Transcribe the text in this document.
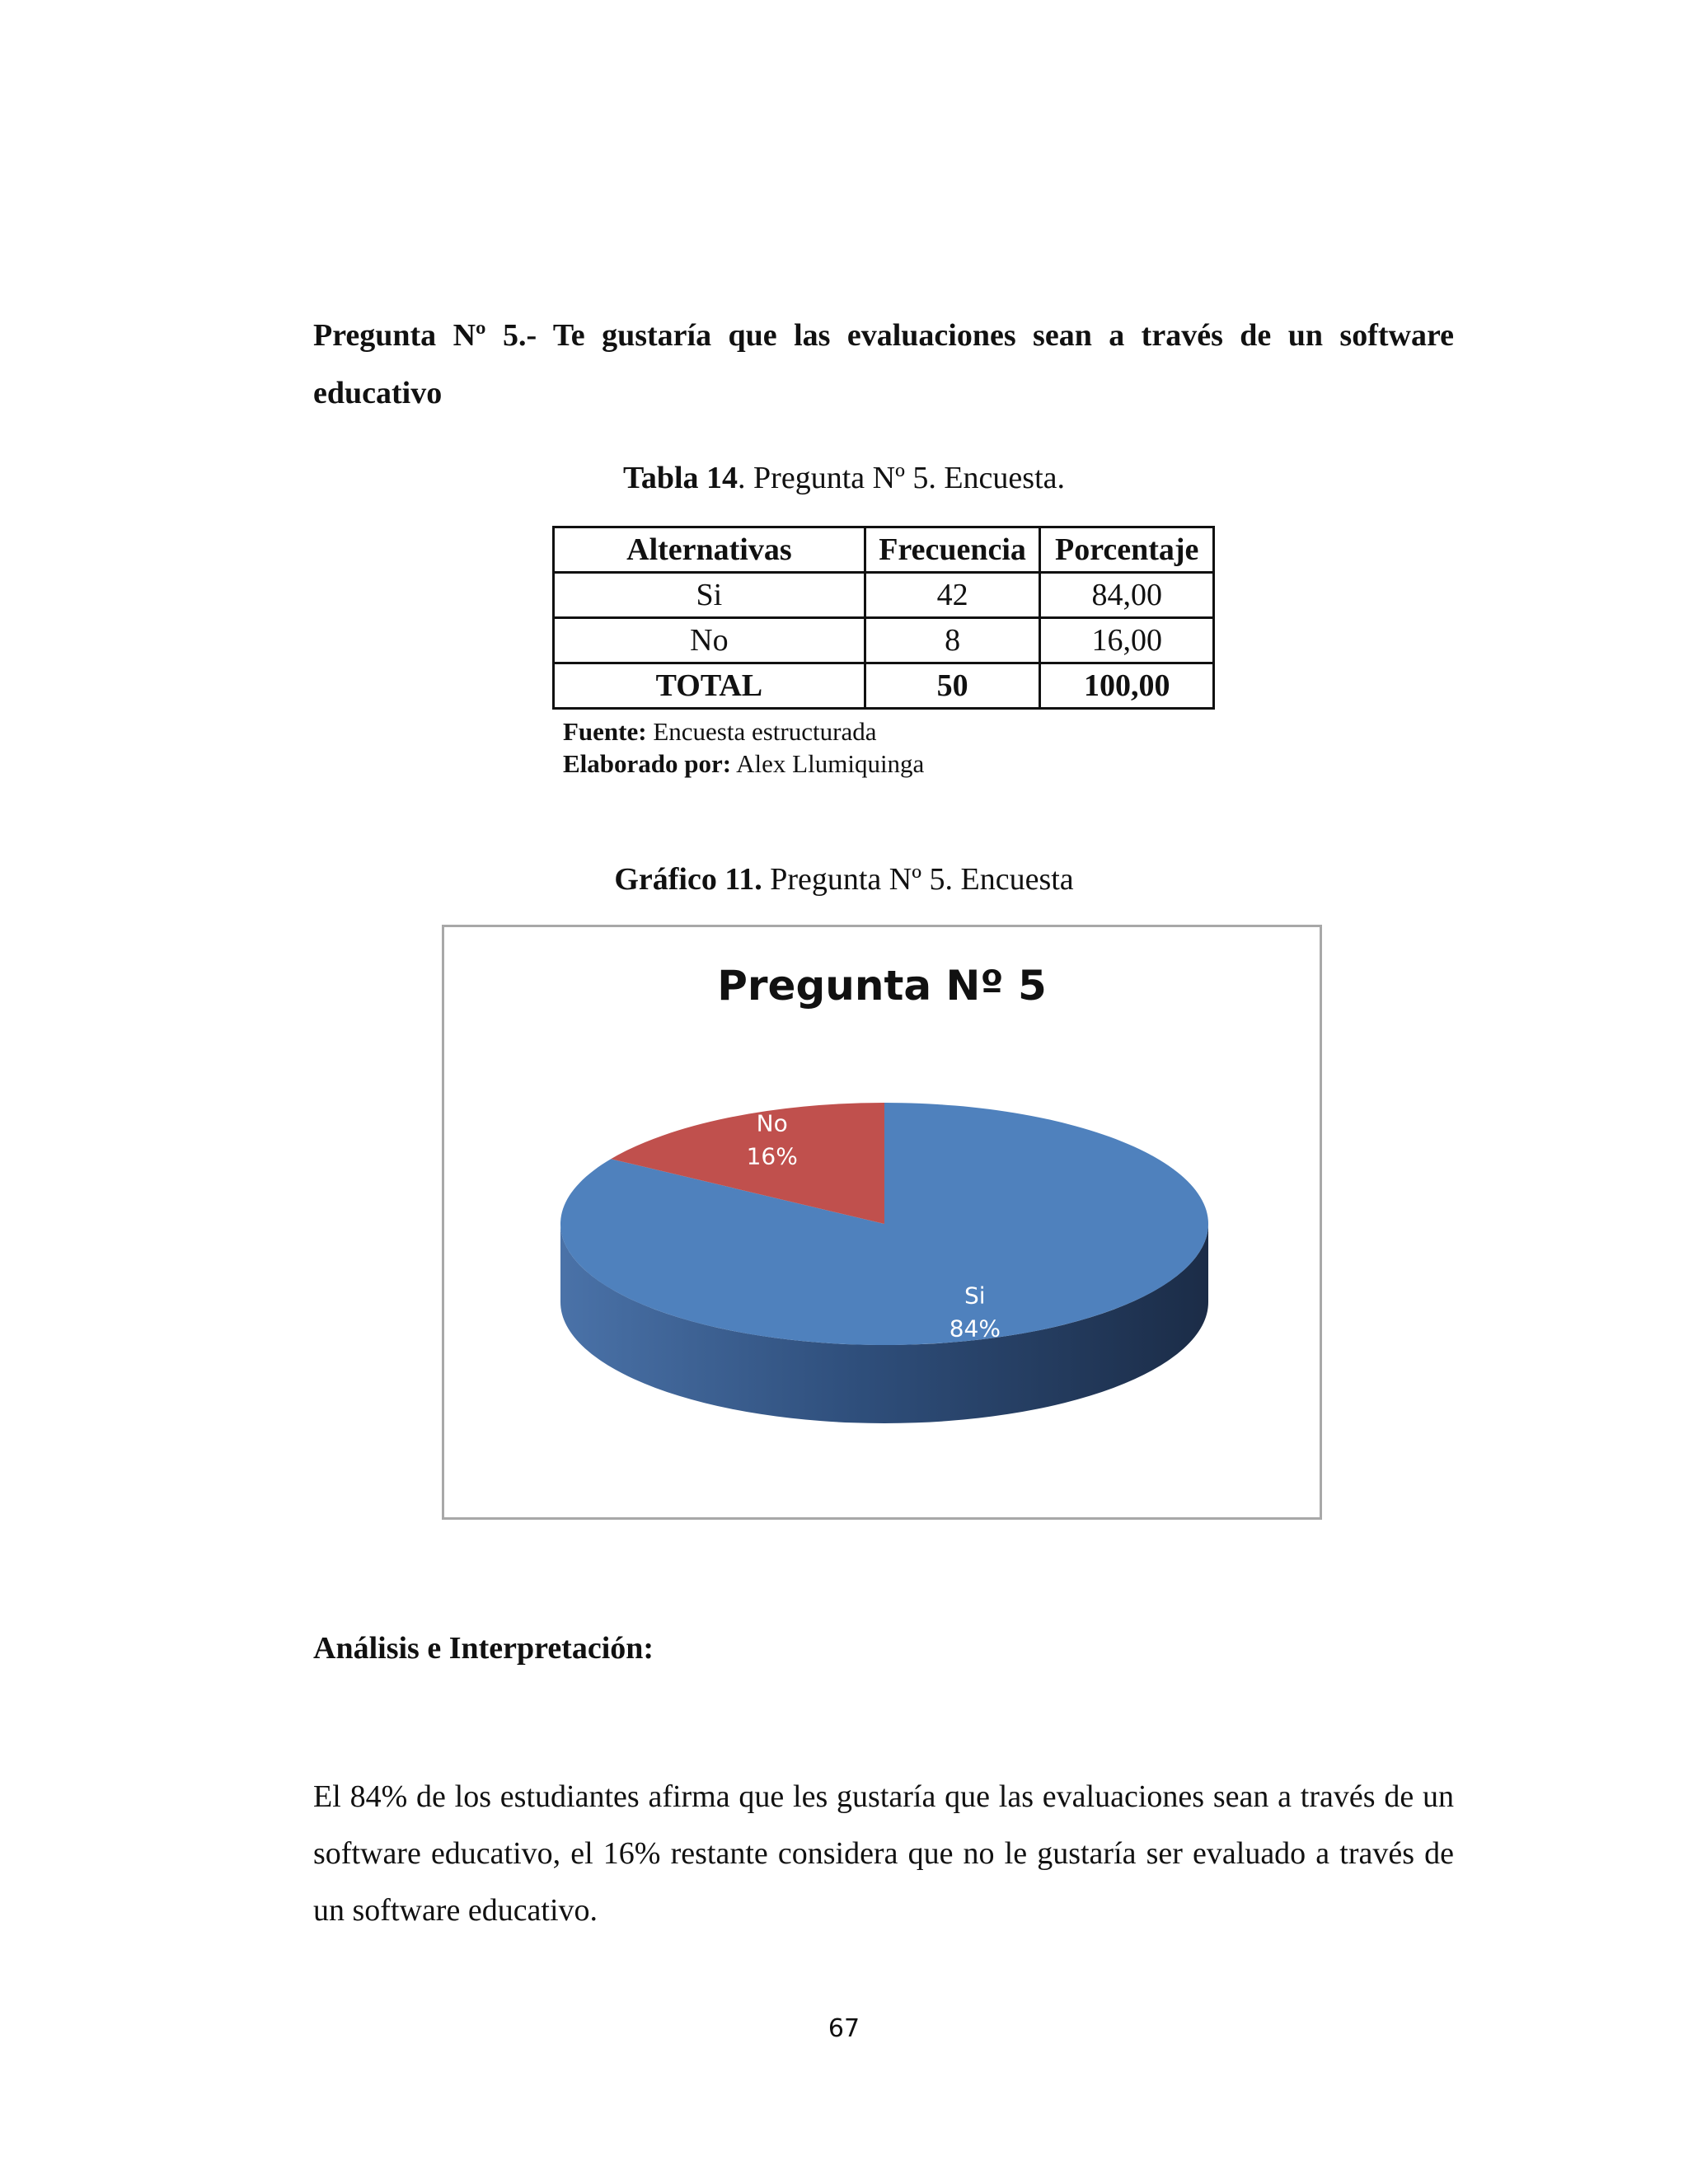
Pregunta Nº 5.- Te gustaría que las evaluaciones sean a través de un software educativo
Tabla 14. Pregunta Nº 5. Encuesta.
Alternativas	Frecuencia	Porcentaje
Si	42	84,00
No	8	16,00
TOTAL	50	100,00
Fuente: Encuesta estructurada
Elaborado por: Alex Llumiquinga
Gráfico 11. Pregunta Nº 5. Encuesta
Pregunta Nº 5
Si
84%
No
16%
Análisis e Interpretación:
El 84% de los estudiantes afirma que les gustaría que las evaluaciones sean a través de un software educativo, el 16% restante considera que no le gustaría ser evaluado a través de un software educativo.
67
